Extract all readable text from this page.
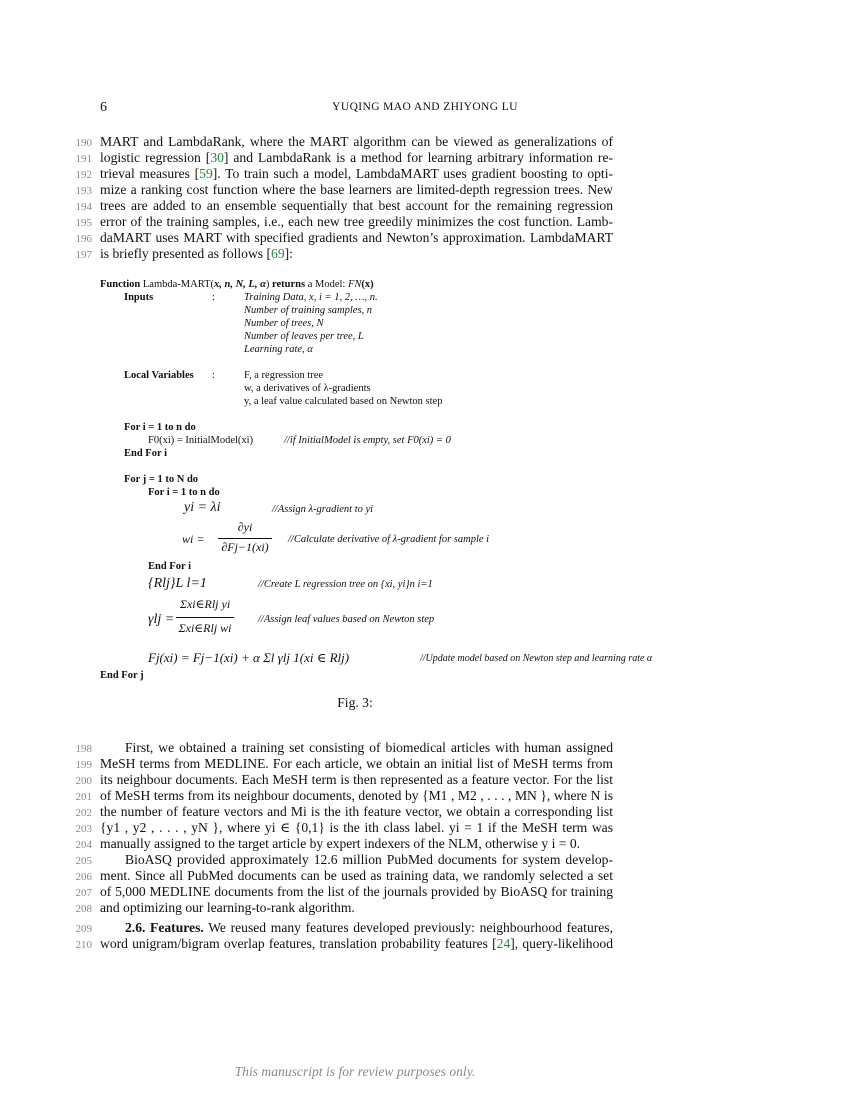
6	YUQING MAO AND ZHIYONG LU
190
191
192
193
194
195
196
197
198
199
200
201
202
203
204
205
206
207
208
209
210
MART and LambdaRank, where the MART algorithm can be viewed as generalizations of
logistic regression [30] and LambdaRank is a method for learning arbitrary information re-
trieval measures [59]. To train such a model, LambdaMART uses gradient boosting to opti-
mize a ranking cost function where the base learners are limited-depth regression trees. New
trees are added to an ensemble sequentially that best account for the remaining regression
error of the training samples, i.e., each new tree greedily minimizes the cost function. Lamb-
daMART uses MART with specified gradients and Newton’s approximation. LambdaMART
is briefly presented as follows [69]:
Function Lambda-MART(x, n, N, L, α) returns a Model: FN(x)
Inputs	:	Training Data, x, i = 1, 2, …, n.
Number of training samples, n
Number of trees, N
Number of leaves per tree, L
Learning rate, α
Local Variables :	F, a regression tree
w, a derivatives of λ-gradients
y, a leaf value calculated based on Newton step
For i = 1 to n do
F0(xi) = InitialModel(xi)	//if InitialModel is empty, set F0(xi) = 0
End For i
For j = 1 to N do
For i = 1 to n do
yi = λi	//Assign λ-gradient to yi
wi =
∂yi
∂Fj−1(xi)
//Calculate derivative of λ-gradient for sample i
End For i
{Rlj}L l=1	//Create L regression tree on {xi, yi}n i=1
γlj =
Σxi∈Rlj yi
Σxi∈Rlj wi
//Assign leaf values based on Newton step
Fj(xi) = Fj−1(xi) + α Σl γlj 1(xi ∈ Rlj)	//Update model based on Newton step and learning rate α
End For j
Fig. 3:
First, we obtained a training set consisting of biomedical articles with human assigned
MeSH terms from MEDLINE. For each article, we obtain an initial list of MeSH terms from
its neighbour documents. Each MeSH term is then represented as a feature vector. For the list
of MeSH terms from its neighbour documents, denoted by {M1 , M2 , . . . , MN }, where N is
the number of feature vectors and Mi is the ith feature vector, we obtain a corresponding list
{y1 , y2 , . . . , yN }, where yi ∈ {0,1} is the ith class label. yi = 1 if the MeSH term was
manually assigned to the target article by expert indexers of the NLM, otherwise y i = 0.
BioASQ provided approximately 12.6 million PubMed documents for system develop-
ment. Since all PubMed documents can be used as training data, we randomly selected a set
of 5,000 MEDLINE documents from the list of the journals provided by BioASQ for training
and optimizing our learning-to-rank algorithm.
2.6. Features. We reused many features developed previously: neighbourhood features,
word unigram/bigram overlap features, translation probability features [24], query-likelihood
This manuscript is for review purposes only.
